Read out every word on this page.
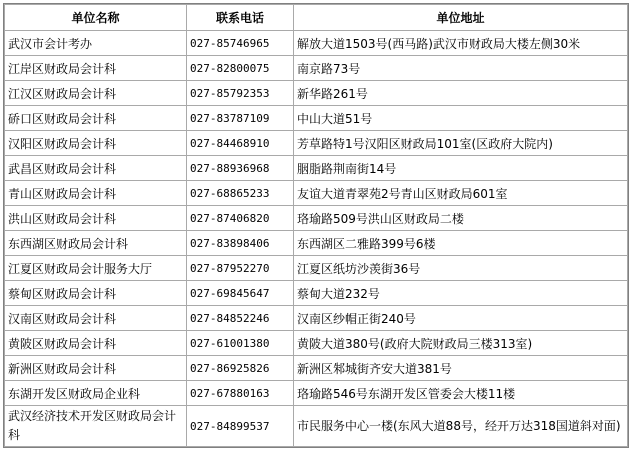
单位名称	联系电话	单位地址
武汉市会计考办	027-85746965	解放大道1503号(西马路)武汉市财政局大楼左侧30米
江岸区财政局会计科	027-82800075	南京路73号
江汉区财政局会计科	027-85792353	新华路261号
硚口区财政局会计科	027-83787109	中山大道51号
汉阳区财政局会计科	027-84468910	芳草路特1号汉阳区财政局101室(区政府大院内)
武昌区财政局会计科	027-88936968	胭脂路荆南街14号
青山区财政局会计科	027-68865233	友谊大道青翠苑2号青山区财政局601室
洪山区财政局会计科	027-87406820	珞瑜路509号洪山区财政局二楼
东西湖区财政局会计科	027-83898406	东西湖区二雅路399号6楼
江夏区财政局会计服务大厅	027-87952270	江夏区纸坊沙羡街36号
蔡甸区财政局会计科	027-69845647	蔡甸大道232号
汉南区财政局会计科	027-84852246	汉南区纱帽正街240号
黄陂区财政局会计科	027-61001380	黄陂大道380号(政府大院财政局三楼313室)
新洲区财政局会计科	027-86925826	新洲区邾城街齐安大道381号
东湖开发区财政局企业科	027-67880163	珞瑜路546号东湖开发区管委会大楼11楼
武汉经济技术开发区财政局会计科	027-84899537	市民服务中心一楼(东风大道88号，经开万达318国道斜对面)
